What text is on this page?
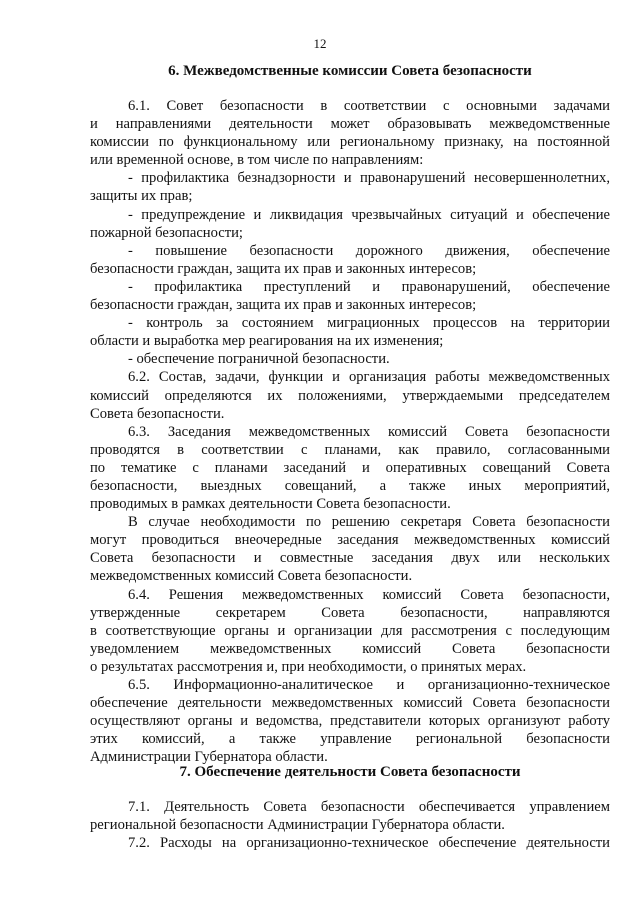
12
6. Межведомственные комиссии Совета безопасности
6.1. Совет безопасности в соответствии с основными задачами
и направлениями деятельности может образовывать межведомственные
комиссии по функциональному или региональному признаку, на постоянной
или временной основе, в том числе по направлениям:
- профилактика безнадзорности и правонарушений несовершеннолетних,
защиты их прав;
- предупреждение и ликвидация чрезвычайных ситуаций и обеспечение
пожарной безопасности;
- повышение безопасности дорожного движения, обеспечение
безопасности граждан, защита их прав и законных интересов;
- профилактика преступлений и правонарушений, обеспечение
безопасности граждан, защита их прав и законных интересов;
- контроль за состоянием миграционных процессов на территории
области и выработка мер реагирования на их изменения;
- обеспечение пограничной безопасности.
6.2. Состав, задачи, функции и организация работы межведомственных
комиссий определяются их положениями, утверждаемыми председателем
Совета безопасности.
6.3. Заседания межведомственных комиссий Совета безопасности
проводятся в соответствии с планами, как правило, согласованными
по тематике с планами заседаний и оперативных совещаний Совета
безопасности, выездных совещаний, а также иных мероприятий,
проводимых в рамках деятельности Совета безопасности.
В случае необходимости по решению секретаря Совета безопасности
могут проводиться внеочередные заседания межведомственных комиссий
Совета безопасности и совместные заседания двух или нескольких
межведомственных комиссий Совета безопасности.
6.4. Решения межведомственных комиссий Совета безопасности,
утвержденные секретарем Совета безопасности, направляются
в соответствующие органы и организации для рассмотрения с последующим
уведомлением межведомственных комиссий Совета безопасности
о результатах рассмотрения и, при необходимости, о принятых мерах.
6.5. Информационно-аналитическое и организационно-техническое
обеспечение деятельности межведомственных комиссий Совета безопасности
осуществляют органы и ведомства, представители которых организуют работу
этих комиссий, а также управление региональной безопасности
Администрации Губернатора области.
7. Обеспечение деятельности Совета безопасности
7.1. Деятельность Совета безопасности обеспечивается управлением
региональной безопасности Администрации Губернатора области.
7.2. Расходы на организационно-техническое обеспечение деятельности
